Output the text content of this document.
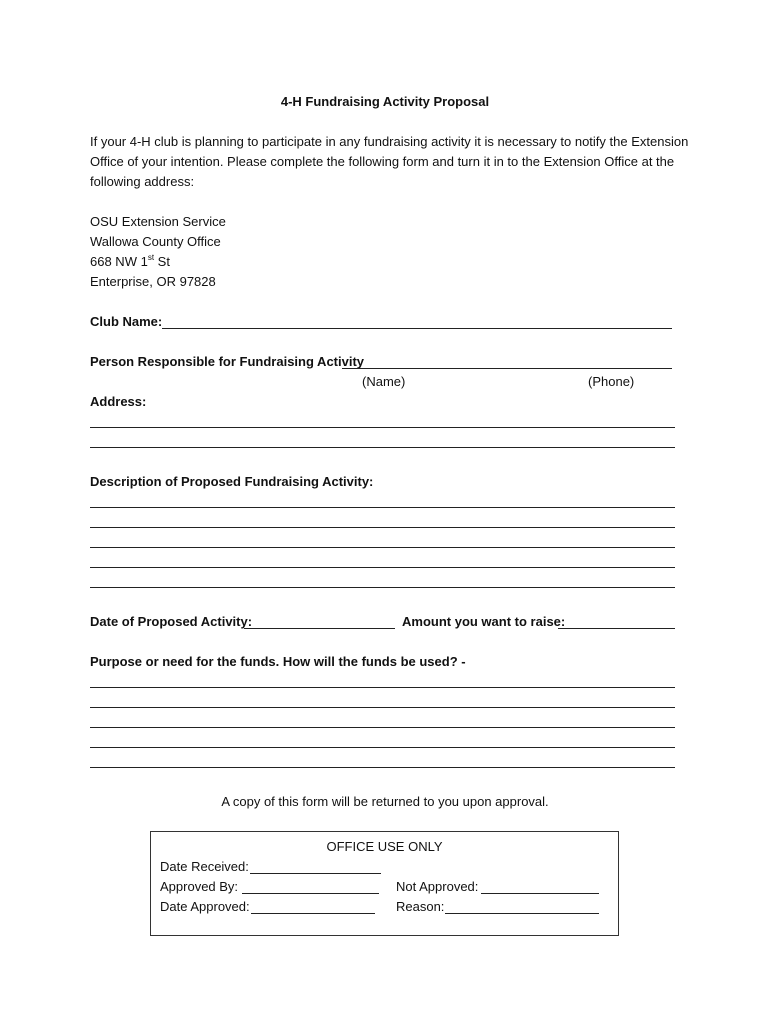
4-H Fundraising Activity Proposal
If your 4-H club is planning to participate in any fundraising activity it is necessary to notify the Extension
Office of your intention. Please complete the following form and turn it in to the Extension Office at the
following address:
OSU Extension Service
Wallowa County Office
668 NW 1st St
Enterprise, OR 97828
Club Name:
Person Responsible for Fundraising Activity
(Name)	(Phone)
Address:
Description of Proposed Fundraising Activity:
Date of Proposed Activity:	Amount you want to raise:
Purpose or need for the funds. How will the funds be used? -
A copy of this form will be returned to you upon approval.
OFFICE USE ONLY
Date Received:
Approved By:	Not Approved:
Date Approved:	Reason:
